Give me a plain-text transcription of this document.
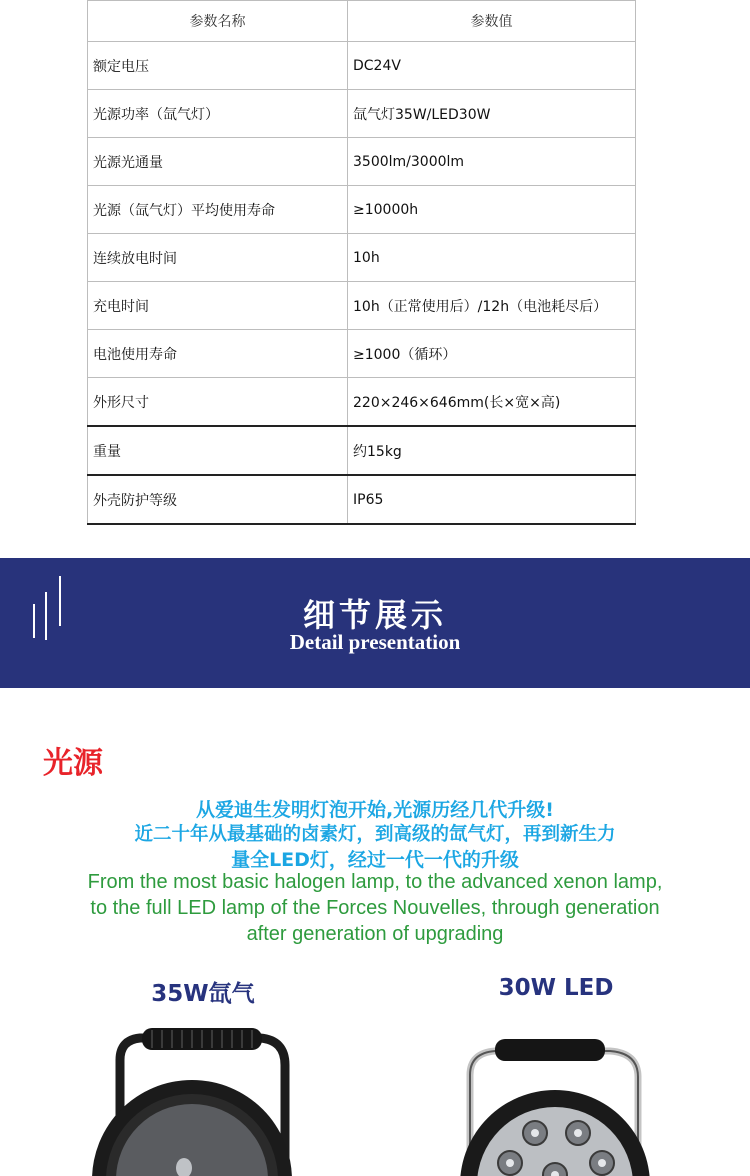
参数名称	参数值
额定电压	DC24V
光源功率（氙气灯）	氙气灯35W/LED30W
光源光通量	3500lm/3000lm
光源（氙气灯）平均使用寿命	≥10000h
连续放电时间	10h
充电时间	10h（正常使用后）/12h（电池耗尽后）
电池使用寿命	≥1000（循环）
外形尺寸	220×246×646mm(长×宽×高)
重量	约15kg
外壳防护等级	IP65
细节展示
Detail presentation
光源
从爱迪生发明灯泡开始,光源历经几代升级!
近二十年从最基础的卤素灯，到高级的氙气灯，再到新生力
量全LED灯，经过一代一代的升级
From the most basic halogen lamp, to the advanced xenon lamp,
to the full LED lamp of the Forces Nouvelles, through generation
after generation of upgrading
35W氙气	30W LED
